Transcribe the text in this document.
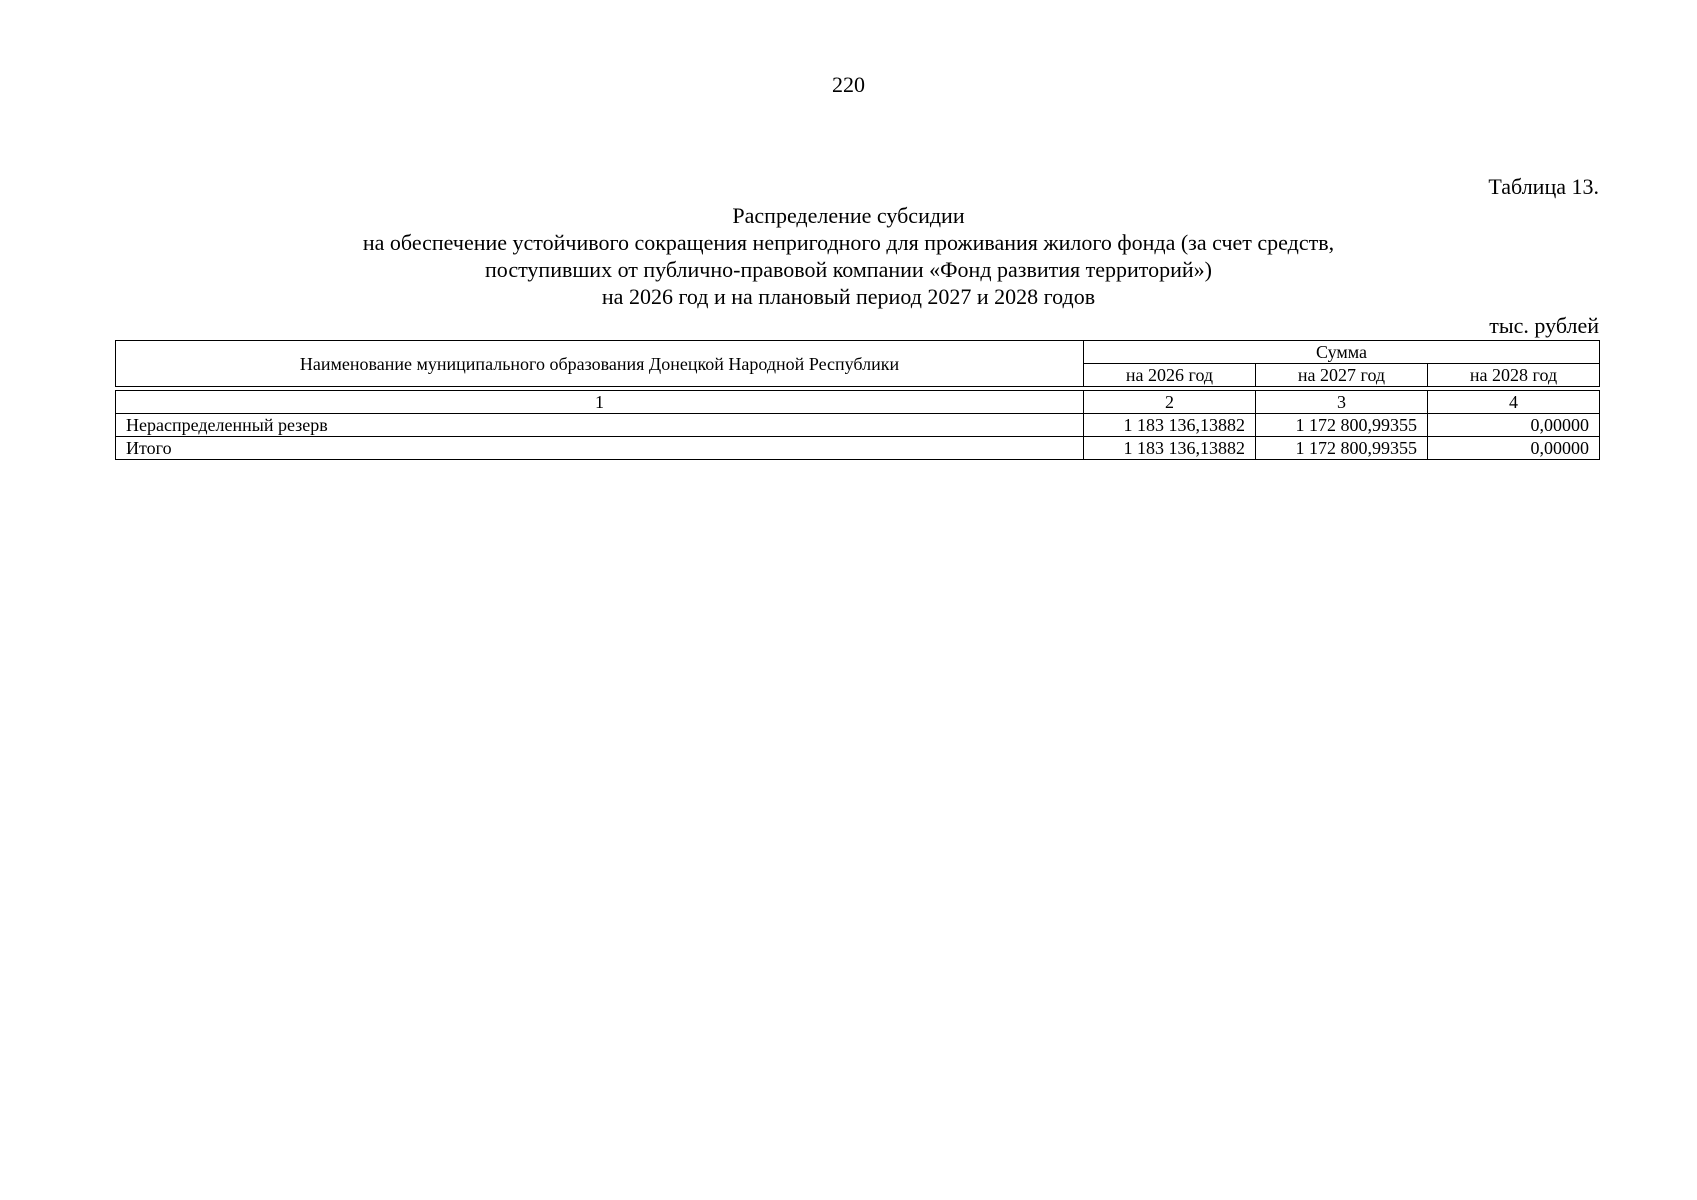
220
Таблица 13.
Распределение субсидии
на обеспечение устойчивого сокращения непригодного для проживания жилого фонда (за счет средств,
поступивших от публично-правовой компании «Фонд развития территорий»)
на 2026 год и на плановый период 2027 и 2028 годов
тыс. рублей
Наименование муниципального образования Донецкой Народной Республики	Сумма		
	на 2026 год	на 2027 год	на 2028 год

1	2	3	4
Нераспределенный резерв	1 183 136,13882	1 172 800,99355	0,00000
Итого	1 183 136,13882	1 172 800,99355	0,00000
